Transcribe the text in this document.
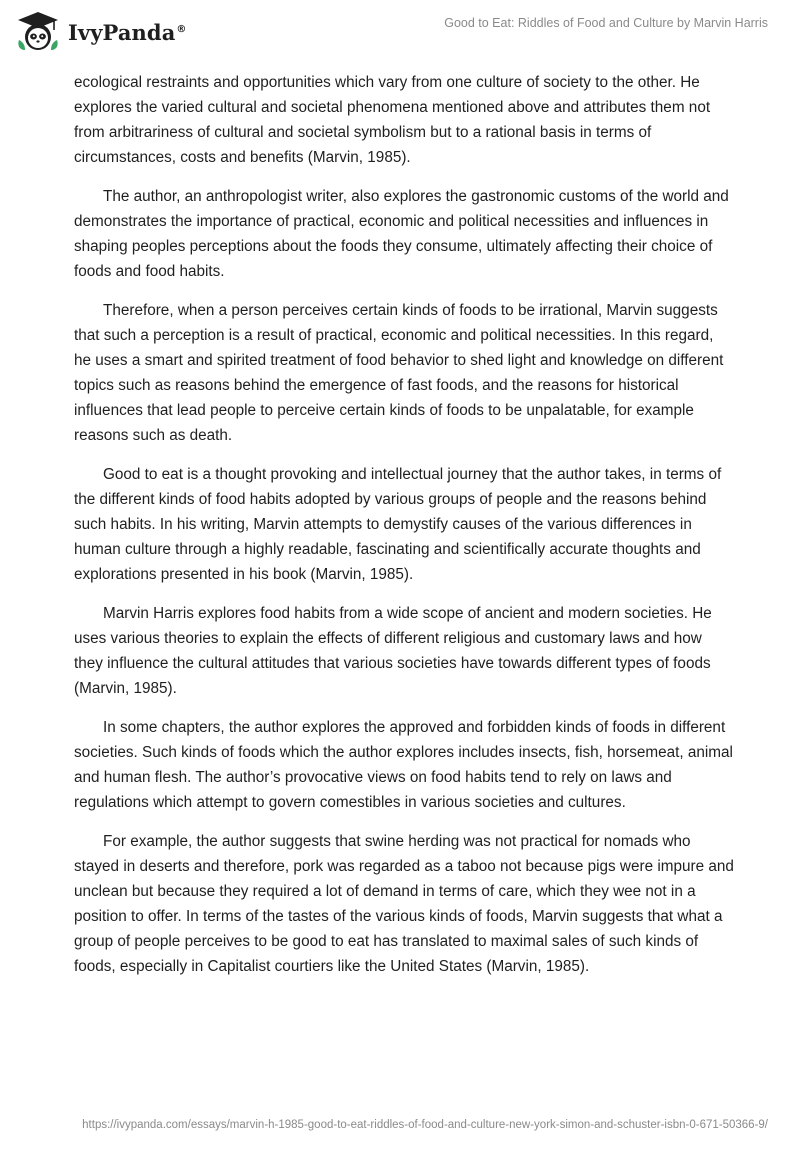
IvyPanda®	Good to Eat: Riddles of Food and Culture by Marvin Harris

ecological restraints and opportunities which vary from one culture of society to the other. He explores the varied cultural and societal phenomena mentioned above and attributes them not from arbitrariness of cultural and societal symbolism but to a rational basis in terms of circumstances, costs and benefits (Marvin, 1985).

The author, an anthropologist writer, also explores the gastronomic customs of the world and demonstrates the importance of practical, economic and political necessities and influences in shaping peoples perceptions about the foods they consume, ultimately affecting their choice of foods and food habits.

Therefore, when a person perceives certain kinds of foods to be irrational, Marvin suggests that such a perception is a result of practical, economic and political necessities. In this regard, he uses a smart and spirited treatment of food behavior to shed light and knowledge on different topics such as reasons behind the emergence of fast foods, and the reasons for historical influences that lead people to perceive certain kinds of foods to be unpalatable, for example reasons such as death.

Good to eat is a thought provoking and intellectual journey that the author takes, in terms of the different kinds of food habits adopted by various groups of people and the reasons behind such habits. In his writing, Marvin attempts to demystify causes of the various differences in human culture through a highly readable, fascinating and scientifically accurate thoughts and explorations presented in his book (Marvin, 1985).

Marvin Harris explores food habits from a wide scope of ancient and modern societies. He uses various theories to explain the effects of different religious and customary laws and how they influence the cultural attitudes that various societies have towards different types of foods (Marvin, 1985).

In some chapters, the author explores the approved and forbidden kinds of foods in different societies. Such kinds of foods which the author explores includes insects, fish, horsemeat, animal and human flesh. The author’s provocative views on food habits tend to rely on laws and regulations which attempt to govern comestibles in various societies and cultures.

For example, the author suggests that swine herding was not practical for nomads who stayed in deserts and therefore, pork was regarded as a taboo not because pigs were impure and unclean but because they required a lot of demand in terms of care, which they wee not in a position to offer. In terms of the tastes of the various kinds of foods, Marvin suggests that what a group of people perceives to be good to eat has translated to maximal sales of such kinds of foods, especially in Capitalist courtiers like the United States (Marvin, 1985).

https://ivypanda.com/essays/marvin-h-1985-good-to-eat-riddles-of-food-and-culture-new-york-simon-and-schuster-isbn-0-671-50366-9/
